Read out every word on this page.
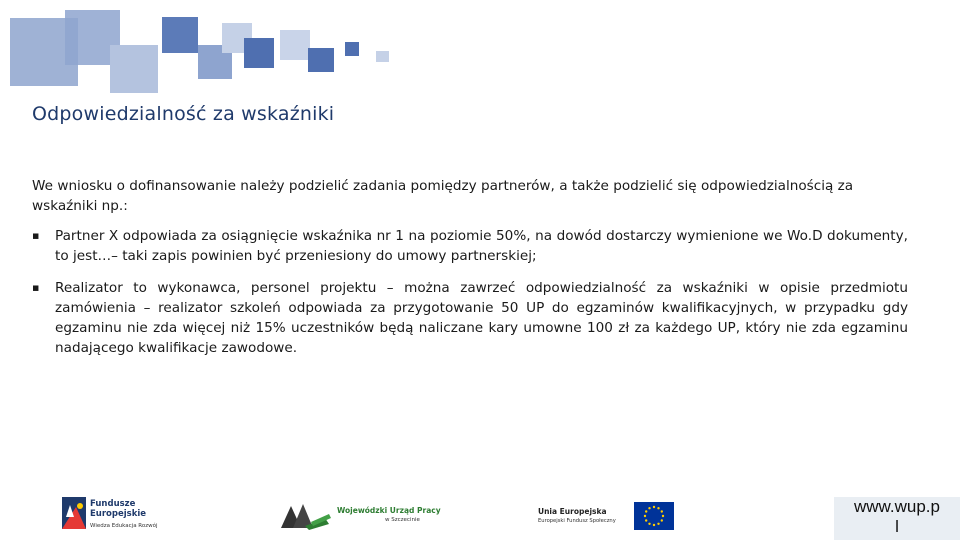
Odpowiedzialność za wskaźniki

We wniosku o dofinansowanie należy podzielić zadania pomiędzy partnerów, a także podzielić się odpowiedzialnością za wskaźniki np.:

▪ Partner X odpowiada za osiągnięcie wskaźnika nr 1 na poziomie 50%, na dowód dostarczy wymienione we Wo.D dokumenty, to jest…– taki zapis powinien być przeniesiony do umowy partnerskiej;
▪ Realizator to wykonawca, personel projektu – można zawrzeć odpowiedzialność za wskaźniki w opisie przedmiotu zamówienia – realizator szkoleń odpowiada za przygotowanie 50 UP do egzaminów kwalifikacyjnych, w przypadku gdy egzaminu nie zda więcej niż 15% uczestników będą naliczane kary umowne 100 zł za każdego UP, który nie zda egzaminu nadającego kwalifikacje zawodowe.
Fundusze
Europejskie
Wiedza Edukacja Rozwój
Wojewódzki Urząd Pracy
w Szczecinie
Unia Europejska
Europejski Fundusz Społeczny
www.wup.p
l
